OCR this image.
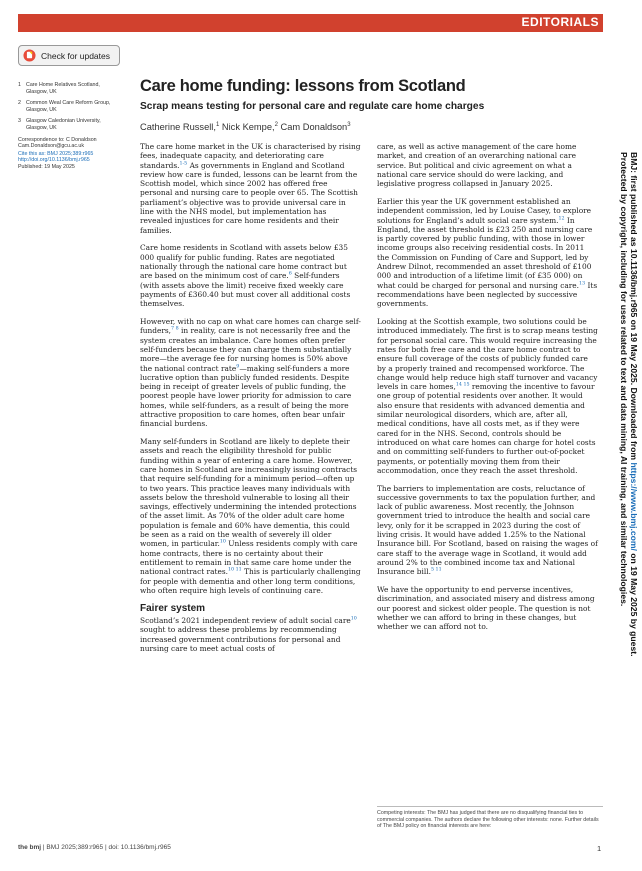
EDITORIALS
Check for updates
1 Care Home Relatives Scotland, Glasgow, UK
2 Common Weal Care Reform Group, Glasgow, UK
3 Glasgow Caledonian University, Glasgow, UK
Correspondence to: C Donaldson
Cam.Donaldson@gcu.ac.uk
Cite this as: BMJ 2025;389:r965
http://doi.org/10.1136/bmj.r965
Published: 19 May 2025
Care home funding: lessons from Scotland
Scrap means testing for personal care and regulate care home charges
Catherine Russell,$^1$ Nick Kempe,$^2$ Cam Donaldson$^3$

The care home market in the UK is characterised by rising fees, inadequate capacity, and deteriorating care standards.$^{1-5}$ As governments in England and Scotland review how care is funded, lessons can be learnt from the Scottish model, which since 2002 has offered free personal and nursing care to people over 65. The Scottish parliament’s objective was to provide universal care in line with the NHS model, but implementation has revealed injustices for care home residents and their families.

Care home residents in Scotland with assets below £35 000 qualify for public funding. Rates are negotiated nationally through the national care home contract but are based on the minimum cost of care.$^6$ Self-funders (with assets above the limit) receive fixed weekly care payments of £360.40 but must cover all additional costs themselves.

However, with no cap on what care homes can charge self-funders,$^{7 8}$ in reality, care is not necessarily free and the system creates an imbalance. Care homes often prefer self-funders because they can charge them substantially more—the average fee for nursing homes is 50% above the national contract rate$^9$—making self-funders a more lucrative option than publicly funded residents. Despite being in receipt of greater levels of public funding, the poorest people have lower priority for admission to care homes, while self-funders, as a result of being the more attractive proposition to care homes, often bear unfair financial burdens.

Many self-funders in Scotland are likely to deplete their assets and reach the eligibility threshold for public funding within a year of entering a care home. However, care homes in Scotland are increasingly issuing contracts that require self-funding for a minimum period—often up to two years. This practice leaves many individuals with assets below the threshold vulnerable to losing all their savings, effectively undermining the intended protections of the asset limit. As 70% of the older adult care home population is female and 60% have dementia, this could be seen as a raid on the wealth of severely ill older women, in particular.$^{10}$ Unless residents comply with care home contracts, there is no certainty about their entitlement to remain in that same care home under the national contract rates.$^{10 11}$ This is particularly challenging for people with dementia and other long term conditions, who often require high levels of continuing care.

Fairer system

Scotland’s 2021 independent review of adult social care$^{10}$ sought to address these problems by recommending increased government contributions for personal and nursing care to meet actual costs of

care, as well as active management of the care home market, and creation of an overarching national care service. But political and civic agreement on what a national care service should do were lacking, and legislative progress collapsed in January 2025.

Earlier this year the UK government established an independent commission, led by Louise Casey, to explore solutions for England’s adult social care system.$^{12}$ In England, the asset threshold is £23 250 and nursing care is partly covered by public funding, with those in lower income groups also receiving residential costs. In 2011 the Commission on Funding of Care and Support, led by Andrew Dilnot, recommended an asset threshold of £100 000 and introduction of a lifetime limit (of £35 000) on what could be charged for personal and nursing care.$^{13}$ Its recommendations have been neglected by successive governments.

Looking at the Scottish example, two solutions could be introduced immediately. The first is to scrap means testing for personal social care. This would require increasing the rates for both free care and the care home contract to ensure full coverage of the costs of publicly funded care by a properly trained and recompensed workforce. The change would help reduce high staff turnover and vacancy levels in care homes,$^{14 15}$ removing the incentive to favour one group of potential residents over another. It would also ensure that residents with advanced dementia and similar neurological disorders, which are, after all, medical conditions, have all costs met, as if they were cared for in the NHS. Second, controls should be introduced on what care homes can charge for hotel costs and on committing self-funders to further out-of-pocket payments, or potentially moving them from their accommodation, once they reach the asset threshold.

The barriers to implementation are costs, reluctance of successive governments to tax the population further, and lack of public awareness. Most recently, the Johnson government tried to introduce the health and social care levy, only for it be scrapped in 2023 during the cost of living crisis. It would have added 1.25% to the National Insurance bill. For Scotland, based on raising the wages of care staff to the average wage in Scotland, it would add around 2% to the combined income tax and National Insurance bill.$^{5 11}$

We have the opportunity to end perverse incentives, discrimination, and associated misery and distress among our poorest and sickest older people. The question is not whether we can afford to bring in these changes, but whether we can afford not to.

Competing interests: The BMJ has judged that there are no disqualifying financial ties to commercial companies. The authors declare the following other interests: none. Further details of The BMJ policy on financial interests are here:
the bmj | BMJ 2025;389:r965 | doi: 10.1136/bmj.r965	1
BMJ: first published as 10.1136/bmj.r965 on 19 May 2025. Downloaded from https://www.bmj.com/ on 19 May 2025 by guest.
Protected by copyright, including for uses related to text and data mining, AI training, and similar technologies.
